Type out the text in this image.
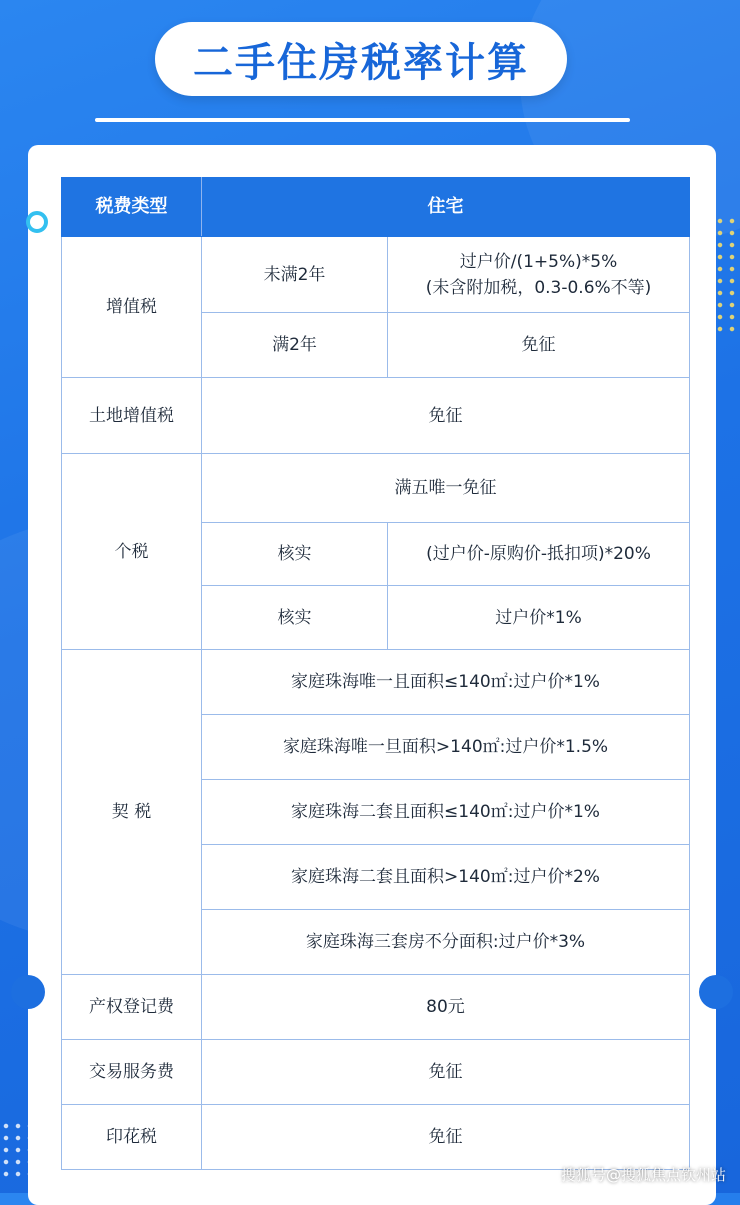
二手住房税率计算
税费类型	住宅	
增值税	未满2年	过户价/(1+5%)*5%
(未含附加税，0.3-0.6%不等)

	满2年	免征
土地增值税	免征	
个税	满五唯一免征	
	核实	(过户价-原购价-抵扣项)*20%
	核实	过户价*1%
契 税	家庭珠海唯一且面积≤140㎡:过户价*1%	
	家庭珠海唯一旦面积>140㎡:过户价*1.5%	
	家庭珠海二套且面积≤140㎡:过户价*1%	
	家庭珠海二套且面积>140㎡:过户价*2%	
	家庭珠海三套房不分面积:过户价*3%	
产权登记费	80元	
交易服务费	免征	
印花税	免征	
搜狐号@搜狐焦点钦州站
